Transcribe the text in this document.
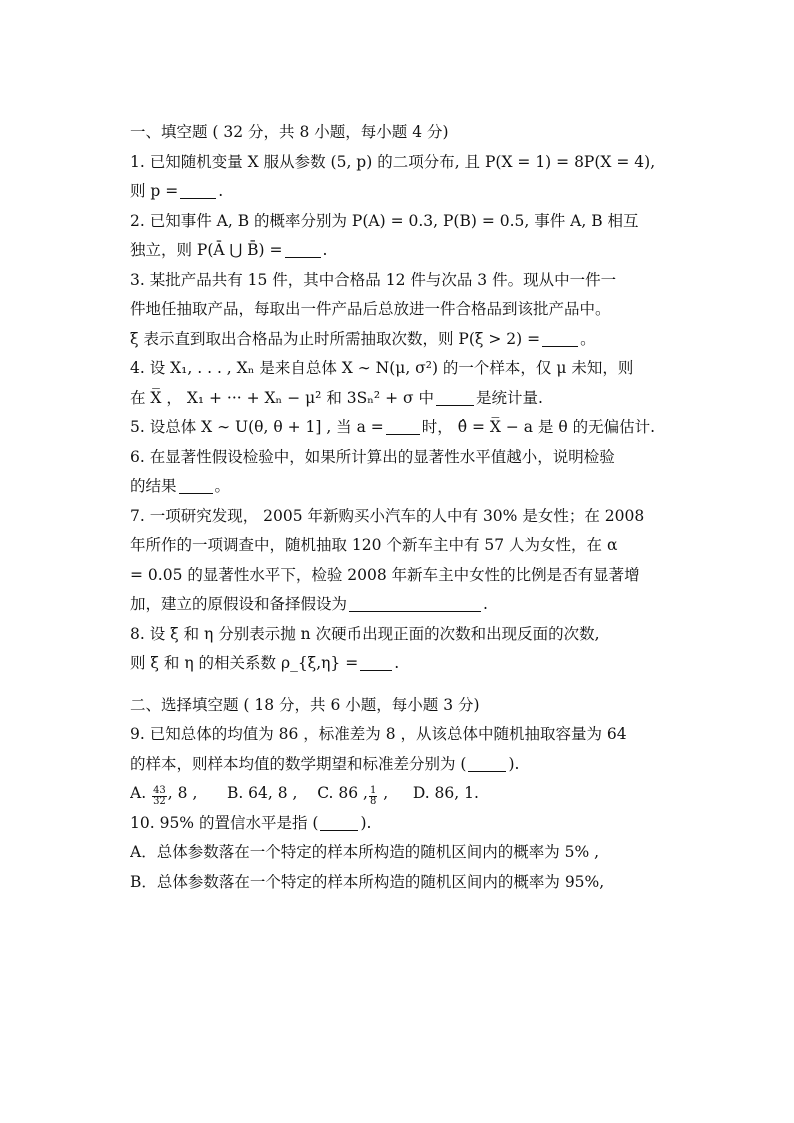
一、填空题 ( 32 分，共 8 小题，每小题 4 分)
1. 已知随机变量 X 服从参数 (5, p) 的二项分布, 且 P(X = 1) = 8P(X = 4),
则 p =	.
2. 已知事件 A, B 的概率分别为 P(A) = 0.3, P(B) = 0.5, 事件 A, B 相互
独立，则 P(Ā ⋃ B̄) =	.
3. 某批产品共有 15 件，其中合格品 12 件与次品 3 件。现从中一件一
件地任抽取产品，每取出一件产品后总放进一件合格品到该批产品中。
ξ 表示直到取出合格品为止时所需抽取次数，则 P(ξ > 2) =	。
4. 设 X₁, . . . , Xₙ 是来自总体 X ∼ N(μ, σ²) 的一个样本，仅 μ 未知，则
在 X̅ ， X₁ + ··· + Xₙ − μ² 和 3Sₙ² + σ 中	是统计量.
5. 设总体 X ∼ U(θ, θ + 1] , 当 a = 时， θ̂ = X̅ − a 是 θ 的无偏估计.
6. 在显著性假设检验中，如果所计算出的显著性水平值越小，说明检验
的结果 。
7. 一项研究发现， 2005 年新购买小汽车的人中有 30% 是女性；在 2008
年所作的一项调查中，随机抽取 120 个新车主中有 57 人为女性，在 α
= 0.05 的显著性水平下，检验 2008 年新车主中女性的比例是否有显著增
加，建立的原假设和备择假设为	.
8. 设 ξ 和 η 分别表示抛 n 次硬币出现正面的次数和出现反面的次数,
则 ξ 和 η 的相关系数 ρ_{ξ,η} = .
二、选择填空题 ( 18 分，共 6 小题，每小题 3 分)
9. 已知总体的均值为 86 ，标准差为 8 ，从该总体中随机抽取容量为 64
的样本，则样本均值的数学期望和标准差分别为 (	).
A. $\frac{43}{32}$ , 8 , B. 64, 8 , C. 86 , $\frac{1}{8}$ , D. 86, 1.
10. 95% 的置信水平是指 (	).
A．总体参数落在一个特定的样本所构造的随机区间内的概率为 5% ,
B．总体参数落在一个特定的样本所构造的随机区间内的概率为 95%,
